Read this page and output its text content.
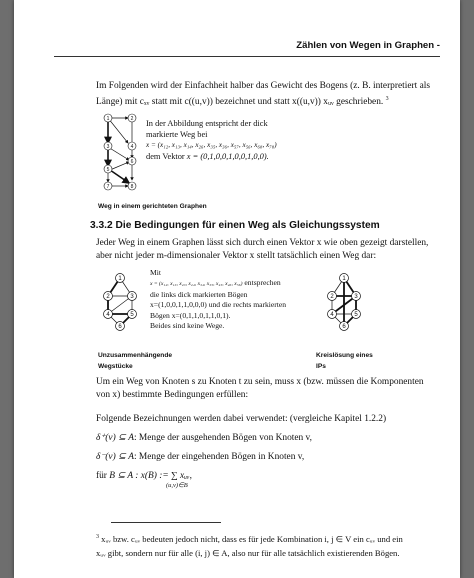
Zählen von Wegen in Graphen -
Im Folgenden wird der Einfachheit halber das Gewicht des Bogens (z. B. interpretiert als
Länge) mit cₓᵥ statt mit c((u,v)) bezeichnet und statt x((u,v)) xᵤᵥ geschrieben. $^3$
1	2
3	4
5
6
7	8
In der Abbildung entspricht der dick
markierte Weg bei
x = (x₁₂, x₁₃, x₁₄, x₂₆, x₃₅, x₃₆, x₅₇, x₅₆, x₆₈, x₇₈)
dem Vektor x = (0,1,0,0,1,0,0,1,0,0).
Weg in einem gerichteten Graphen
3.3.2 Die Bedingungen für einen Weg als Gleichungssystem
Jeder Weg in einem Graphen lässt sich durch einen Vektor x wie oben gezeigt darstellen,
aber nicht jeder m-dimensionaler Vektor x stellt tatsächlich einen Weg dar:
1
2	3
4	5
6
1
2	3
4	5
6
Mit
x = (x₁₂, x₁₃, x₂₃, x₂₄, x₃₄, x₃₅, x₄₅, x₄₆, x₅₆) entsprechen
die links dick markierten Bögen
x=(1,0,0,1,1,0,0,0) und die rechts markierten
Bögen x=(0,1,1,0,1,1,0,1).
Beides sind keine Wege.
Unzusammenhängende
Wegstücke
Kreislösung eines
IPs
Um ein Weg von Knoten s zu Knoten t zu sein, muss x (bzw. müssen die Komponenten
von x) bestimmte Bedingungen erfüllen:
Folgende Bezeichnungen werden dabei verwendet: (vergleiche Kapitel 1.2.2)
δ⁺(v) ⊆ A: Menge der ausgehenden Bögen von Knoten v,
δ⁻(v) ⊆ A: Menge der eingehenden Bögen in Knoten v,
für B ⊆ A : x(B) := ∑ xᵤᵥ,
(u,v)∈B
$^3$ xᵤᵥ bzw. cᵤᵥ bedeuten jedoch nicht, dass es für jede Kombination i, j ∈ V ein cᵤᵥ und ein
xᵤᵥ gibt, sondern nur für alle (i, j) ∈ A, also nur für alle tatsächlich existierenden Bögen.
